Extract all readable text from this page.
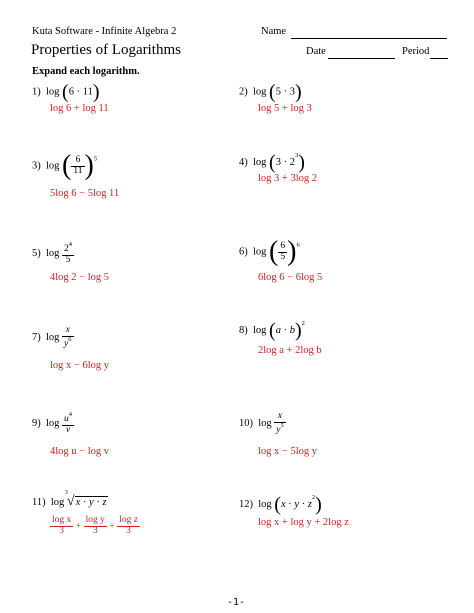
Kuta Software - Infinite Algebra 2	Name
Properties of Logarithms	Date	Period
Expand each logarithm.
1)  log (6 · 11)
log 6 + log 11
2)  log (5 · 3)
log 5 + log 3
3)  log ( $\frac{6}{11} )^5$
5log 6 − 5log 11
4)  $\log (3 \cdot 2^3)$
log 3 + 3log 2
5)  $\log \frac{2^4}{5}$
4log 2 − log 5
6)  log ( $\frac{6}{5} )^6$
6log 6 − 6log 5
7)  $\log \frac{x}{y^6}$
log x − 6log y
8)  $\log (a \cdot b)^2$
2log a + 2log b
9)  $\log \frac{u^4}{v}$
4log u − log v
10)  $\log \frac{x}{y^5}$
log x − 5log y
11)  log
3
√x · y · z
$\frac{\text{log x}}{3} + \frac{\text{log y}}{3} + \frac{\text{log z}}{3}$
12)  $\log (x \cdot y \cdot z^2)$
log x + log y + 2log z
-1-
